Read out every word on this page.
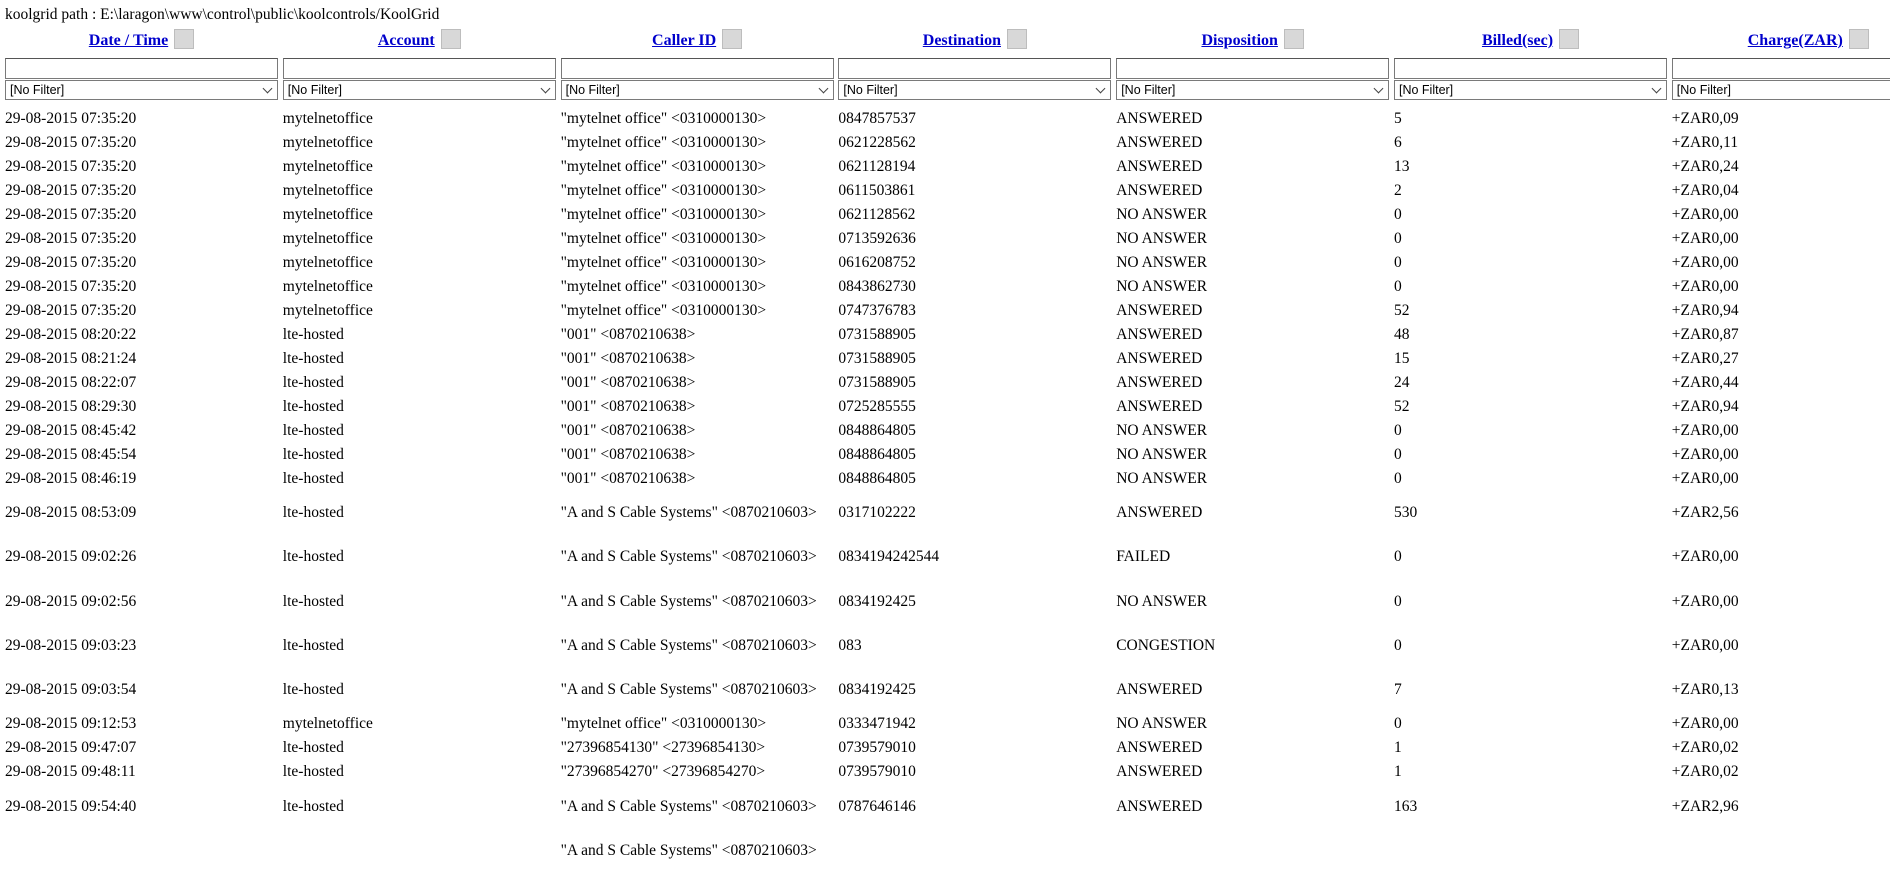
koolgrid path : E:\laragon\www\control\public\koolcontrols/KoolGrid
Date / Time	Account	Caller ID	Destination	Disposition	Billed(sec)	Charge(ZAR)
[No Filter]	[No Filter]	[No Filter]	[No Filter]	[No Filter]	[No Filter]	[No Filter]
29-08-2015 07:35:20	mytelnetoffice	"mytelnet office" <0310000130>	0847857537	ANSWERED	5	+ZAR0,09
29-08-2015 07:35:20	mytelnetoffice	"mytelnet office" <0310000130>	0621228562	ANSWERED	6	+ZAR0,11
29-08-2015 07:35:20	mytelnetoffice	"mytelnet office" <0310000130>	0621128194	ANSWERED	13	+ZAR0,24
29-08-2015 07:35:20	mytelnetoffice	"mytelnet office" <0310000130>	0611503861	ANSWERED	2	+ZAR0,04
29-08-2015 07:35:20	mytelnetoffice	"mytelnet office" <0310000130>	0621128562	NO ANSWER	0	+ZAR0,00
29-08-2015 07:35:20	mytelnetoffice	"mytelnet office" <0310000130>	0713592636	NO ANSWER	0	+ZAR0,00
29-08-2015 07:35:20	mytelnetoffice	"mytelnet office" <0310000130>	0616208752	NO ANSWER	0	+ZAR0,00
29-08-2015 07:35:20	mytelnetoffice	"mytelnet office" <0310000130>	0843862730	NO ANSWER	0	+ZAR0,00
29-08-2015 07:35:20	mytelnetoffice	"mytelnet office" <0310000130>	0747376783	ANSWERED	52	+ZAR0,94
29-08-2015 08:20:22	lte-hosted	"001" <0870210638>	0731588905	ANSWERED	48	+ZAR0,87
29-08-2015 08:21:24	lte-hosted	"001" <0870210638>	0731588905	ANSWERED	15	+ZAR0,27
29-08-2015 08:22:07	lte-hosted	"001" <0870210638>	0731588905	ANSWERED	24	+ZAR0,44
29-08-2015 08:29:30	lte-hosted	"001" <0870210638>	0725285555	ANSWERED	52	+ZAR0,94
29-08-2015 08:45:42	lte-hosted	"001" <0870210638>	0848864805	NO ANSWER	0	+ZAR0,00
29-08-2015 08:45:54	lte-hosted	"001" <0870210638>	0848864805	NO ANSWER	0	+ZAR0,00
29-08-2015 08:46:19	lte-hosted	"001" <0870210638>	0848864805	NO ANSWER	0	+ZAR0,00
29-08-2015 08:53:09	lte-hosted	"A and S Cable Systems" <0870210603>	0317102222	ANSWERED	530	+ZAR2,56
29-08-2015 09:02:26	lte-hosted	"A and S Cable Systems" <0870210603>	0834194242544	FAILED	0	+ZAR0,00
29-08-2015 09:02:56	lte-hosted	"A and S Cable Systems" <0870210603>	0834192425	NO ANSWER	0	+ZAR0,00
29-08-2015 09:03:23	lte-hosted	"A and S Cable Systems" <0870210603>	083	CONGESTION	0	+ZAR0,00
29-08-2015 09:03:54	lte-hosted	"A and S Cable Systems" <0870210603>	0834192425	ANSWERED	7	+ZAR0,13
29-08-2015 09:12:53	mytelnetoffice	"mytelnet office" <0310000130>	0333471942	NO ANSWER	0	+ZAR0,00
29-08-2015 09:47:07	lte-hosted	"27396854130" <27396854130>	0739579010	ANSWERED	1	+ZAR0,02
29-08-2015 09:48:11	lte-hosted	"27396854270" <27396854270>	0739579010	ANSWERED	1	+ZAR0,02
29-08-2015 09:54:40	lte-hosted	"A and S Cable Systems" <0870210603>	0787646146	ANSWERED	163	+ZAR2,96
"A and S Cable Systems" <0870210603>
